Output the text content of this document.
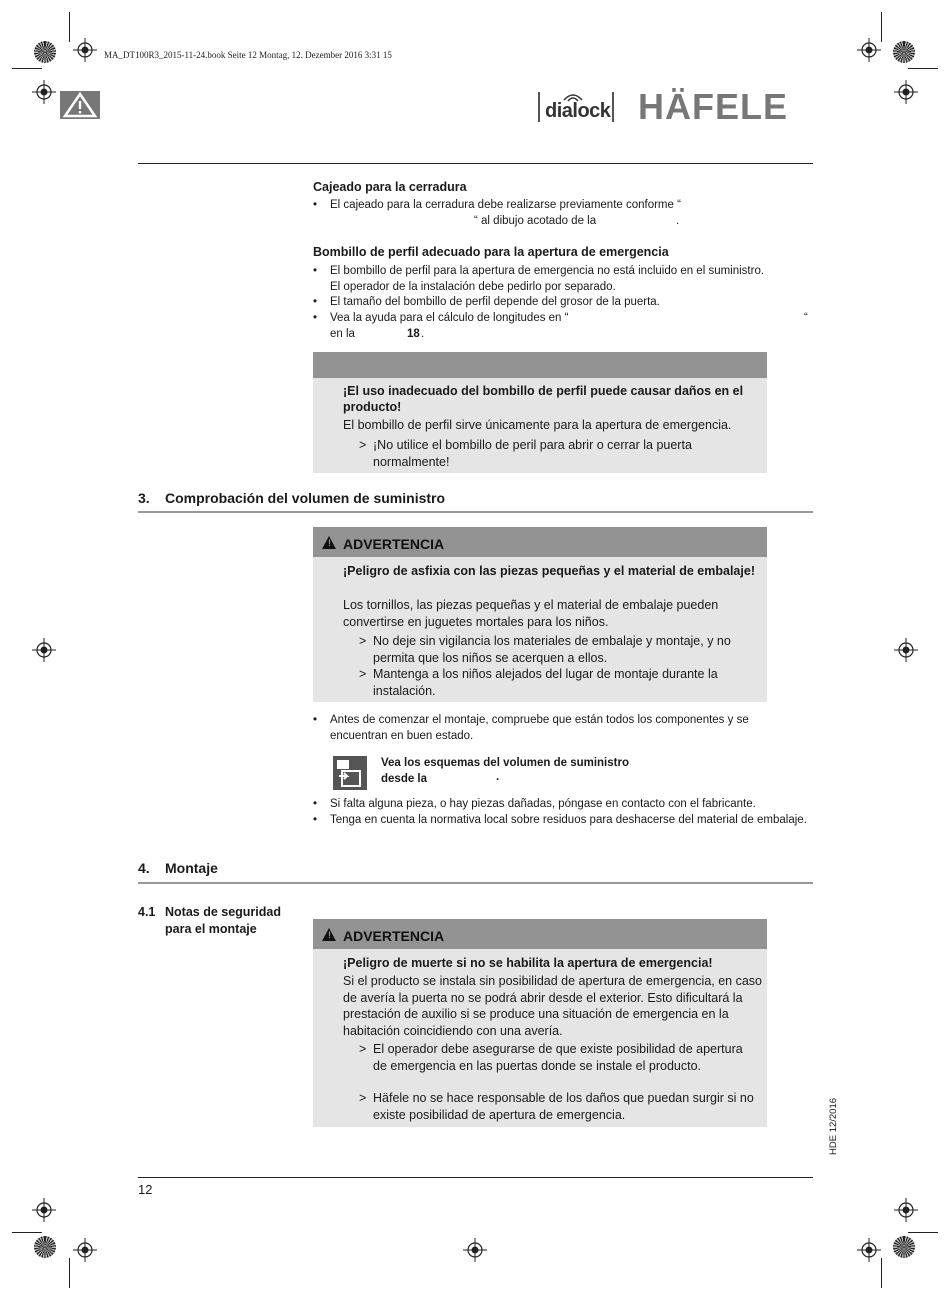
MA_DT100R3_2015-11-24.book Seite 12 Montag, 12. Dezember 2016 3:31 15
dialock HÄFELE
Cajeado para la cerradura
• El cajeado para la cerradura debe realizarse previamente conforme “
“ al dibujo acotado de la	.
Bombillo de perfil adecuado para la apertura de emergencia
• El bombillo de perfil para la apertura de emergencia no está incluido en el suministro.
El operador de la instalación debe pedirlo por separado.
• El tamaño del bombillo de perfil depende del grosor de la puerta.
• Vea la ayuda para el cálculo de longitudes en “	“
en la	18 .
¡El uso inadecuado del bombillo de perfil puede causar daños en el producto!
El bombillo de perfil sirve únicamente para la apertura de emergencia.
> ¡No utilice el bombillo de peril para abrir o cerrar la puerta normalmente!
3. Comprobación del volumen de suministro
! ADVERTENCIA
¡Peligro de asfixia con las piezas pequeñas y el material de embalaje!
Los tornillos, las piezas pequeñas y el material de embalaje pueden convertirse en juguetes mortales para los niños.
> No deje sin vigilancia los materiales de embalaje y montaje, y no permita que los niños se acerquen a ellos.
> Mantenga a los niños alejados del lugar de montaje durante la instalación.
• Antes de comenzar el montaje, compruebe que están todos los componentes y se encuentran en buen estado.
Vea los esquemas del volumen de suministro
desde la	.
• Si falta alguna pieza, o hay piezas dañadas, póngase en contacto con el fabricante.
• Tenga en cuenta la normativa local sobre residuos para deshacerse del material de embalaje.
4. Montaje
4.1 Notas de seguridad para el montaje	! ADVERTENCIA
¡Peligro de muerte si no se habilita la apertura de emergencia!
Si el producto se instala sin posibilidad de apertura de emergencia, en caso de avería la puerta no se podrá abrir desde el exterior. Esto dificultará la prestación de auxilio si se produce una situación de emergencia en la habitación coincidiendo con una avería.
> El operador debe asegurarse de que existe posibilidad de apertura de emergencia en las puertas donde se instale el producto.
> Häfele no se hace responsable de los daños que puedan surgir si no existe posibilidad de apertura de emergencia.	HDE 12/2016
12
